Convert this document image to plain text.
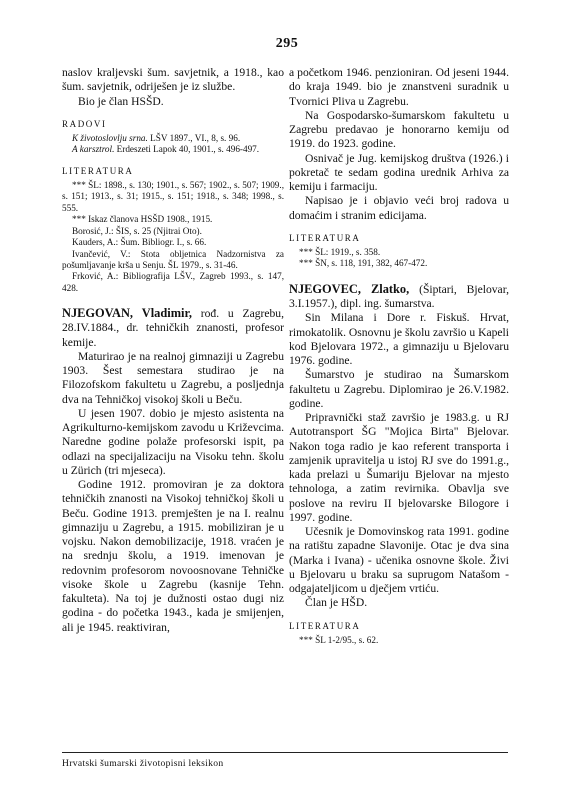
295

naslov kraljevski šum. savjetnik, a 1918., kao šum. savjetnik, odriješen je iz službe.

Bio je član HSŠD.

RADOVI

K životoslovlju srna. LŠV 1897., VI., 8, s. 96.

A karsztrol. Erdeszeti Lapok 40, 1901., s. 496-497.

LITERATURA

*** ŠL: 1898., s. 130; 1901., s. 567; 1902., s. 507; 1909., s. 151; 1913., s. 31; 1915., s. 151; 1918., s. 348; 1998., s. 555.

*** Iskaz članova HSŠD 1908., 1915.

Borosić, J.: ŠIS, s. 25 (Njitrai Oto).

Kauders, A.: Šum. Bibliogr. I., s. 66.

Ivančević, V.: Stota obljetnica Nadzornistva za pošumljavanje krša u Senju. ŠL 1979., s. 31-46.

Frković, A.: Bibliografija LŠV., Zagreb 1993., s. 147, 428.

NJEGOVAN, Vladimir, rođ. u Zagrebu, 28.IV.1884., dr. tehničkih znanosti, profesor kemije.

Maturirao je na realnoj gimnaziji u Zagrebu 1903. Šest semestara studirao je na Filozofskom fakultetu u Zagrebu, a posljednja dva na Tehničkoj visokoj školi u Beču.

U jesen 1907. dobio je mjesto asistenta na Agrikulturno-kemijskom zavodu u Križevcima. Naredne godine polaže profesorski ispit, pa odlazi na specijalizaciju na Visoku tehn. školu u Zürich (tri mjeseca).

Godine 1912. promoviran je za doktora tehničkih znanosti na Visokoj tehničkoj školi u Beču. Godine 1913. premješten je na I. realnu gimnaziju u Zagrebu, a 1915. mobiliziran je u vojsku. Nakon demobilizacije, 1918. vraćen je na srednju školu, a 1919. imenovan je redovnim profesorom novoosnovane Tehničke visoke škole u Zagrebu (kasnije Tehn. fakulteta). Na toj je dužnosti ostao dugi niz godina - do početka 1943., kada je smijenjen, ali je 1945. reaktiviran,

a početkom 1946. penzioniran. Od jeseni 1944. do kraja 1949. bio je znanstveni suradnik u Tvornici Pliva u Zagrebu.

Na Gospodarsko-šumarskom fakultetu u Zagrebu predavao je honorarno kemiju od 1919. do 1923. godine.

Osnivač je Jug. kemijskog društva (1926.) i pokretač te sedam godina urednik Arhiva za kemiju i farmaciju.

Napisao je i objavio veći broj radova u domaćim i stranim edicijama.

LITERATURA

*** ŠL: 1919., s. 358.

*** ŠN, s. 118, 191, 382, 467-472.

NJEGOVEC, Zlatko, (Šiptari, Bjelovar, 3.I.1957.), dipl. ing. šumarstva.

Sin Milana i Dore r. Fiskuš. Hrvat, rimokatolik. Osnovnu je školu završio u Kapeli kod Bjelovara 1972., a gimnaziju u Bjelovaru 1976. godine.

Šumarstvo je studirao na Šumarskom fakultetu u Zagrebu. Diplomirao je 26.V.1982. godine.

Pripravnički staž završio je 1983.g. u RJ Autotransport ŠG "Mojica Birta" Bjelovar. Nakon toga radio je kao referent transporta i zamjenik upravitelja u istoj RJ sve do 1991.g., kada prelazi u Šumariju Bjelovar na mjesto tehnologa, a zatim revirnika. Obavlja sve poslove na reviru II bjelovarske Bilogore i 1997. godine.

Učesnik je Domovinskog rata 1991. godine na ratištu zapadne Slavonije. Otac je dva sina (Marka i Ivana) - učenika osnovne škole. Živi u Bjelovaru u braku sa suprugom Natašom - odgajateljicom u dječjem vrtiću.

Član je HŠD.

LITERATURA

*** ŠL 1-2/95., s. 62.

Hrvatski šumarski životopisni leksikon
